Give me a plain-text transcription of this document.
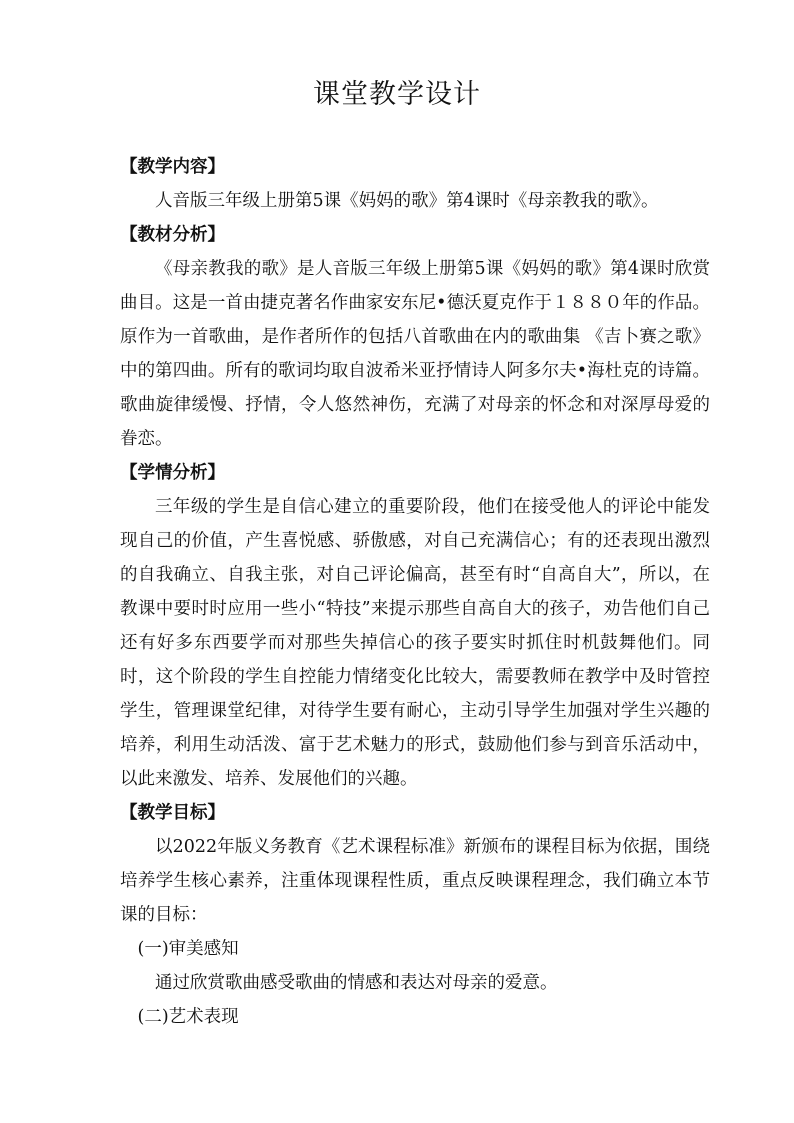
课堂教学设计

【教学内容】

人音版三年级上册第5课《妈妈的歌》第4课时《母亲教我的歌》。

【教材分析】

《母亲教我的歌》是人音版三年级上册第5课《妈妈的歌》第4课时欣赏曲目。这是一首由捷克著名作曲家安东尼•德沃夏克作于１８８０年的作品。原作为一首歌曲，是作者所作的包括八首歌曲在内的歌曲集 《吉卜赛之歌》中的第四曲。所有的歌词均取自波希米亚抒情诗人阿多尔夫•海杜克的诗篇。歌曲旋律缓慢、抒情，令人悠然神伤，充满了对母亲的怀念和对深厚母爱的眷恋。

【学情分析】

三年级的学生是自信心建立的重要阶段，他们在接受他人的评论中能发现自己的价值，产生喜悦感、骄傲感，对自己充满信心；有的还表现出激烈的自我确立、自我主张，对自己评论偏高，甚至有时“自高自大”，所以，在教课中要时时应用一些小“特技”来提示那些自高自大的孩子，劝告他们自己还有好多东西要学而对那些失掉信心的孩子要实时抓住时机鼓舞他们。同时，这个阶段的学生自控能力情绪变化比较大，需要教师在教学中及时管控学生，管理课堂纪律，对待学生要有耐心，主动引导学生加强对学生兴趣的培养，利用生动活泼、富于艺术魅力的形式，鼓励他们参与到音乐活动中，以此来激发、培养、发展他们的兴趣。

【教学目标】

以2022年版义务教育《艺术课程标准》新颁布的课程目标为依据，围绕培养学生核心素养，注重体现课程性质，重点反映课程理念，我们确立本节课的目标：

(一)审美感知

通过欣赏歌曲感受歌曲的情感和表达对母亲的爱意。

(二)艺术表现
